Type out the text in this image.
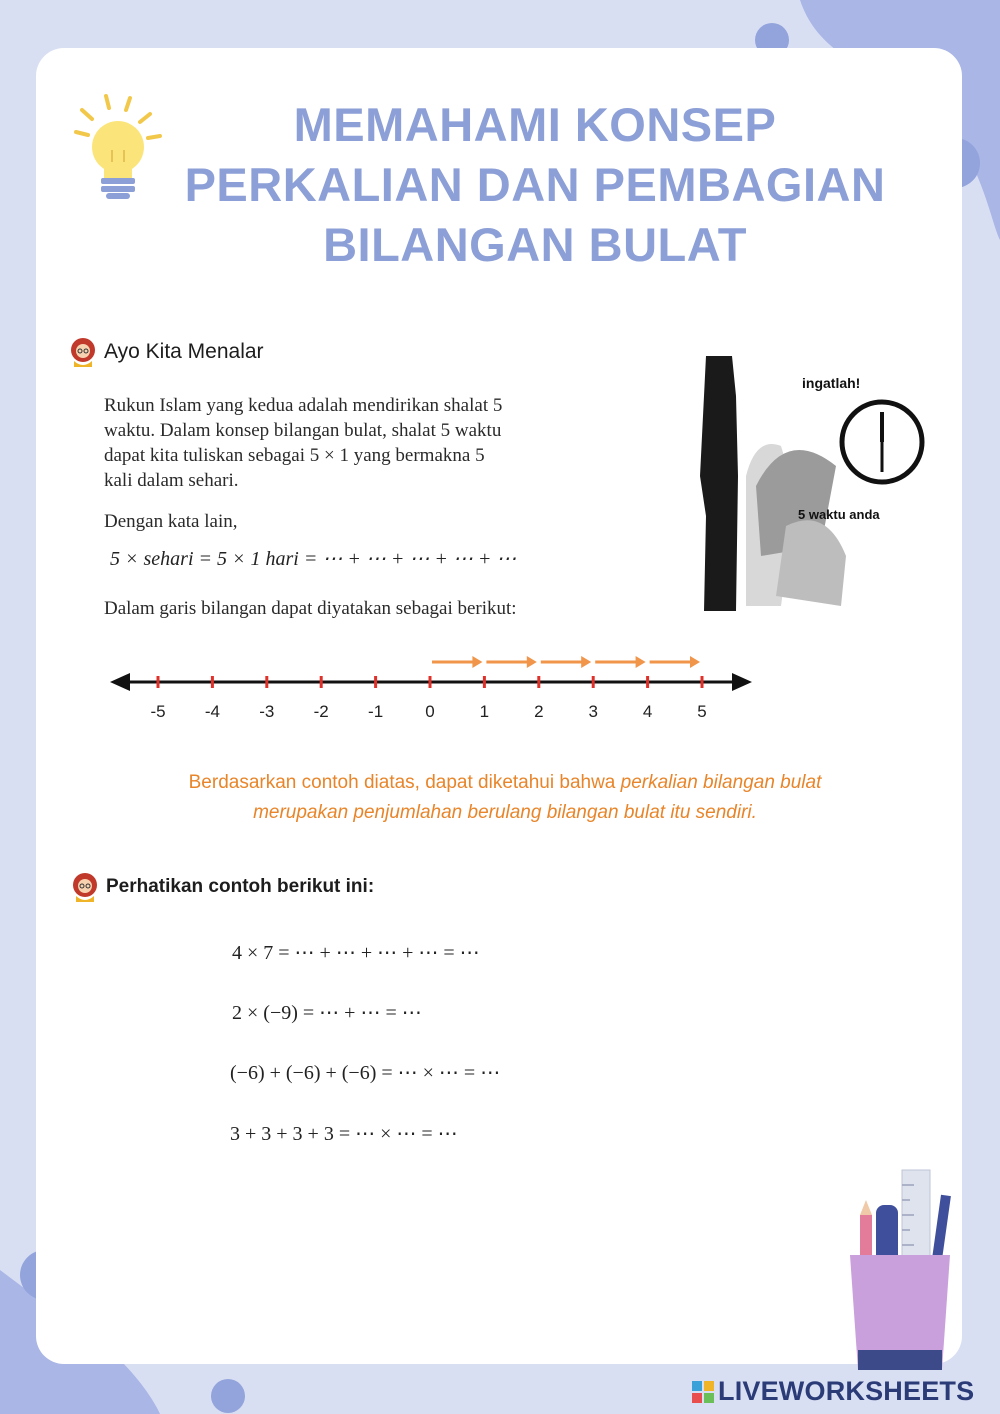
MEMAHAMI KONSEP
PERKALIAN DAN PEMBAGIAN
BILANGAN BULAT
Ayo Kita Menalar
Rukun Islam yang kedua adalah mendirikan shalat 5
waktu. Dalam konsep bilangan bulat, shalat 5 waktu
dapat kita tuliskan sebagai 5 × 1 yang bermakna 5
kali dalam sehari.
Dengan kata lain,
5 × sehari = 5 × 1 hari = ⋯ + ⋯ + ⋯ + ⋯ + ⋯
Dalam garis bilangan dapat diyatakan sebagai berikut:
ingatlah!
5 waktu anda
-5 -4 -3 -2 -1 0	1	2	3	4	5
Berdasarkan contoh diatas, dapat diketahui bahwa perkalian bilangan bulat
merupakan penjumlahan berulang bilangan bulat itu sendiri.
Perhatikan contoh berikut ini:
4 × 7 = ⋯ + ⋯ + ⋯ + ⋯ = ⋯
2 × (−9) = ⋯ + ⋯ = ⋯
(−6) + (−6) + (−6) = ⋯ × ⋯ = ⋯
3 + 3 + 3 + 3 = ⋯ × ⋯ = ⋯
LIVEWORKSHEETS
